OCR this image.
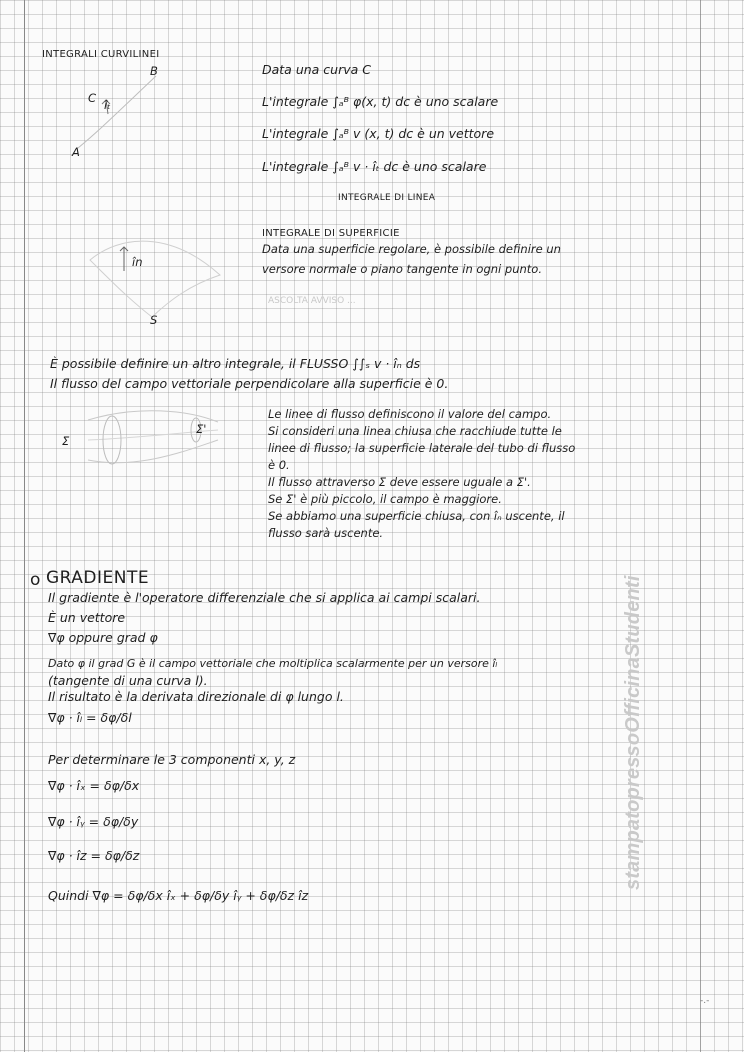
INTEGRALI CURVILINEI
B
C îₜ
A
Data una curva C
L'integrale ∫ₐᴮ φ(x, t) dc è uno scalare
L'integrale ∫ₐᴮ v (x, t) dc è un vettore
L'integrale ∫ₐᴮ v · îₜ dc è uno scalare
INTEGRALE DI LINEA
INTEGRALE DI SUPERFICIE
Data una superficie regolare, è possibile definire un
versore normale o piano tangente in ogni punto.
în
S
ASCOLTA AVVISO ...
È possibile definire un altro integrale, il FLUSSO ∫∫ₛ v · îₙ ds
Il flusso del campo vettoriale perpendicolare alla superficie è 0.
Σ
Σ'
Le linee di flusso definiscono il valore del campo.
Si consideri una linea chiusa che racchiude tutte le
linee di flusso; la superficie laterale del tubo di flusso
è 0.
Il flusso attraverso Σ deve essere uguale a Σ'.
Se Σ' è più piccolo, il campo è maggiore.
Se abbiamo una superficie chiusa, con îₙ uscente, il
flusso sarà uscente.
o GRADIENTE
Il gradiente è l'operatore differenziale che si applica ai campi scalari.
È un vettore
∇φ oppure grad φ
Dato φ il grad G è il campo vettoriale che moltiplica scalarmente per un versore îₗ
(tangente di una curva l).
Il risultato è la derivata direzionale di φ lungo l.
∇φ · îₗ = δφ/δl
Per determinare le 3 componenti x, y, z
∇φ · îₓ = δφ/δx
∇φ · îᵧ = δφ/δy
∇φ · îz = δφ/δz
Quindi ∇φ = δφ/δx îₓ + δφ/δy îᵧ + δφ/δz îz
stampatopressoOfficinaStudenti
-.-
